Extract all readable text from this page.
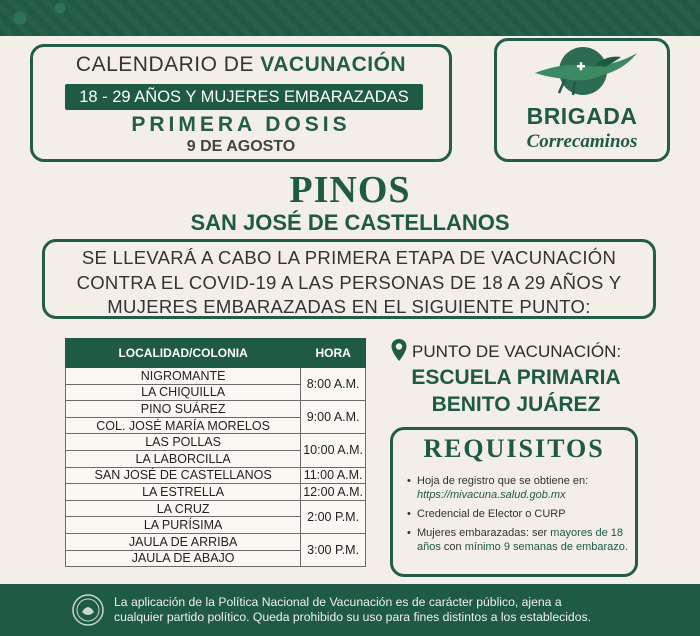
CALENDARIO DE VACUNACIÓN
18 - 29 AÑOS Y MUJERES EMBARAZADAS
PRIMERA DOSIS
9 DE AGOSTO
BRIGADA
Correcaminos
PINOS
SAN JOSÉ DE CASTELLANOS
SE LLEVARÁ A CABO LA PRIMERA ETAPA DE VACUNACIÓN
CONTRA EL COVID-19 A LAS PERSONAS DE 18 A 29 AÑOS Y
MUJERES EMBARAZADAS EN EL SIGUIENTE PUNTO:
LOCALIDAD/COLONIA	HORA
NIGROMANTE	8:00 A.M.
LA CHIQUILLA	
PINO SUÁREZ	9:00 A.M.
COL. JOSÉ MARÍA MORELOS	
LAS POLLAS	10:00 A.M.
LA LABORCILLA	
SAN JOSÉ DE CASTELLANOS	11:00 A.M.
LA ESTRELLA	12:00 A.M.
LA CRUZ	2:00 P.M.
LA PURÍSIMA	
JAULA DE ARRIBA	3:00 P.M.
JAULA DE ABAJO	
PUNTO DE VACUNACIÓN:
ESCUELA PRIMARIA
BENITO JUÁREZ
REQUISITOS
• Hoja de registro que se obtiene en: https://mivacuna.salud.gob.mx
• Credencial de Elector o CURP
• Mujeres embarazadas: ser mayores de 18 años con mínimo 9 semanas de embarazo.
La aplicación de la Política Nacional de Vacunación es de carácter público, ajena a
cualquier partido político. Queda prohibido su uso para fines distintos a los establecidos.
